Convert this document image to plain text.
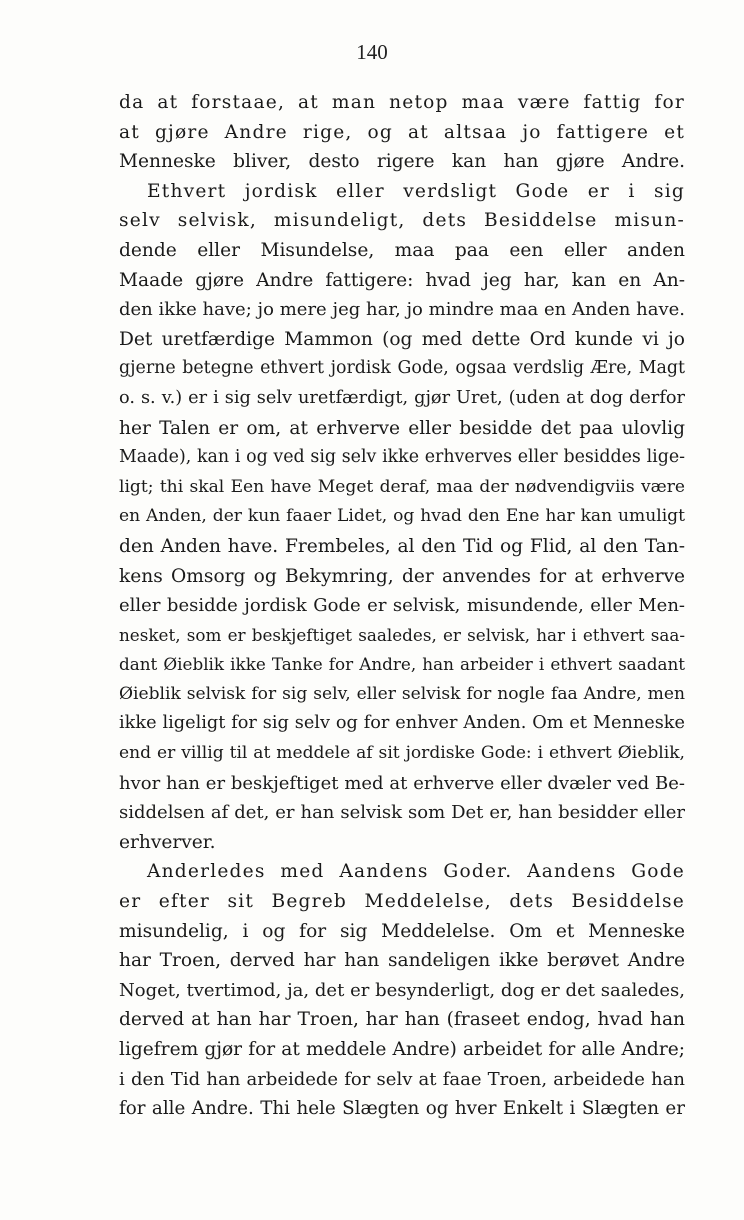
140
da at forstaae, at man netop maa være fattig for
at gjøre Andre rige, og at altsaa jo fattigere et
Menneske bliver, desto rigere kan han gjøre Andre.
Ethvert jordisk eller verdsligt Gode er i sig
selv selvisk, misundeligt, dets Besiddelse misun-
dende eller Misundelse, maa paa een eller anden
Maade gjøre Andre fattigere: hvad jeg har, kan en An-
den ikke have; jo mere jeg har, jo mindre maa en Anden have.
Det uretfærdige Mammon (og med dette Ord kunde vi jo
gjerne betegne ethvert jordisk Gode, ogsaa verdslig Ære, Magt
o. s. v.) er i sig selv uretfærdigt, gjør Uret, (uden at dog derfor
her Talen er om, at erhverve eller besidde det paa ulovlig
Maade), kan i og ved sig selv ikke erhverves eller besiddes lige-
ligt; thi skal Een have Meget deraf, maa der nødvendigviis være
en Anden, der kun faaer Lidet, og hvad den Ene har kan umuligt
den Anden have. Frembeles, al den Tid og Flid, al den Tan-
kens Omsorg og Bekymring, der anvendes for at erhverve
eller besidde jordisk Gode er selvisk, misundende, eller Men-
nesket, som er beskjeftiget saaledes, er selvisk, har i ethvert saa-
dant Øieblik ikke Tanke for Andre, han arbeider i ethvert saadant
Øieblik selvisk for sig selv, eller selvisk for nogle faa Andre, men
ikke ligeligt for sig selv og for enhver Anden. Om et Menneske
end er villig til at meddele af sit jordiske Gode: i ethvert Øieblik,
hvor han er beskjeftiget med at erhverve eller dvæler ved Be-
siddelsen af det, er han selvisk som Det er, han besidder eller
erhverver.
Anderledes med Aandens Goder. Aandens Gode
er efter sit Begreb Meddelelse, dets Besiddelse
misundelig, i og for sig Meddelelse. Om et Menneske
har Troen, derved har han sandeligen ikke berøvet Andre
Noget, tvertimod, ja, det er besynderligt, dog er det saaledes,
derved at han har Troen, har han (fraseet endog, hvad han
ligefrem gjør for at meddele Andre) arbeidet for alle Andre;
i den Tid han arbeidede for selv at faae Troen, arbeidede han
for alle Andre. Thi hele Slægten og hver Enkelt i Slægten er
